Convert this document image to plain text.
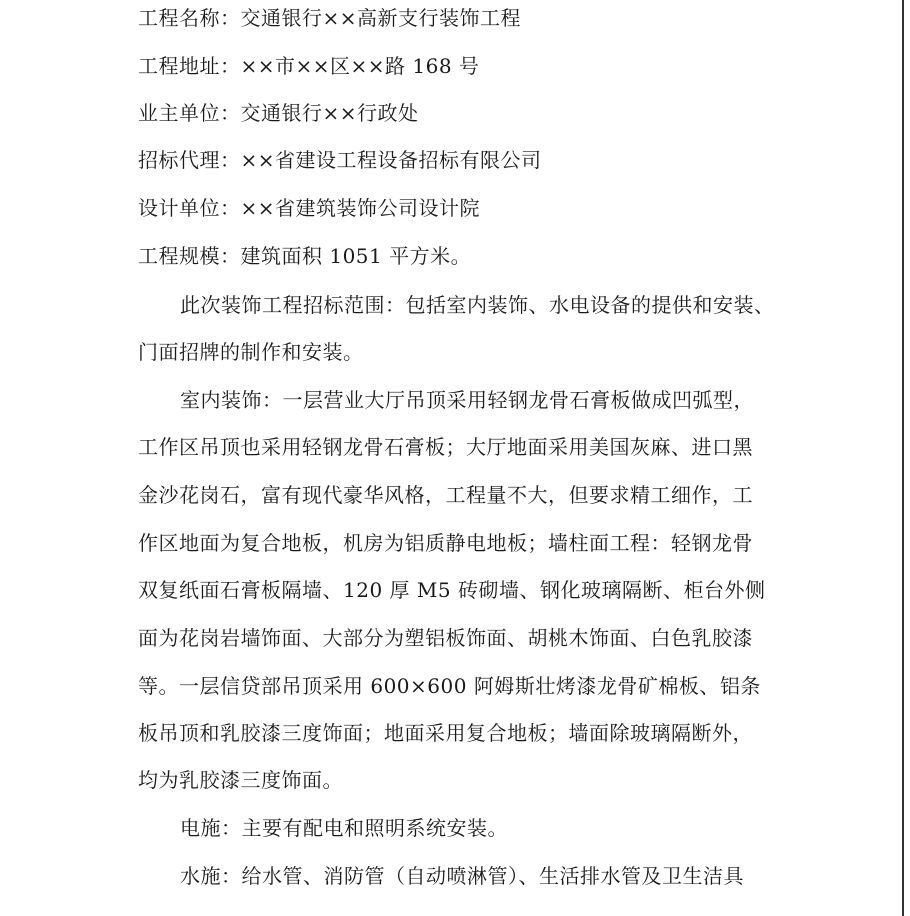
工程名称：交通银行××高新支行装饰工程
工程地址：××市××区××路 168 号
业主单位：交通银行××行政处
招标代理：××省建设工程设备招标有限公司
设计单位：××省建筑装饰公司设计院
工程规模：建筑面积 1051 平方米。
此次装饰工程招标范围：包括室内装饰、水电设备的提供和安装、
门面招牌的制作和安装。
室内装饰：一层营业大厅吊顶采用轻钢龙骨石膏板做成凹弧型，
工作区吊顶也采用轻钢龙骨石膏板；大厅地面采用美国灰麻、进口黑
金沙花岗石，富有现代豪华风格，工程量不大，但要求精工细作，工
作区地面为复合地板，机房为铝质静电地板；墙柱面工程：轻钢龙骨
双复纸面石膏板隔墙、120 厚 M5 砖砌墙、钢化玻璃隔断、柜台外侧
面为花岗岩墙饰面、大部分为塑铝板饰面、胡桃木饰面、白色乳胶漆
等。一层信贷部吊顶采用 600×600 阿姆斯壮烤漆龙骨矿棉板、铝条
板吊顶和乳胶漆三度饰面；地面采用复合地板；墙面除玻璃隔断外，
均为乳胶漆三度饰面。
电施：主要有配电和照明系统安装。
水施：给水管、消防管（自动喷淋管）、生活排水管及卫生洁具
